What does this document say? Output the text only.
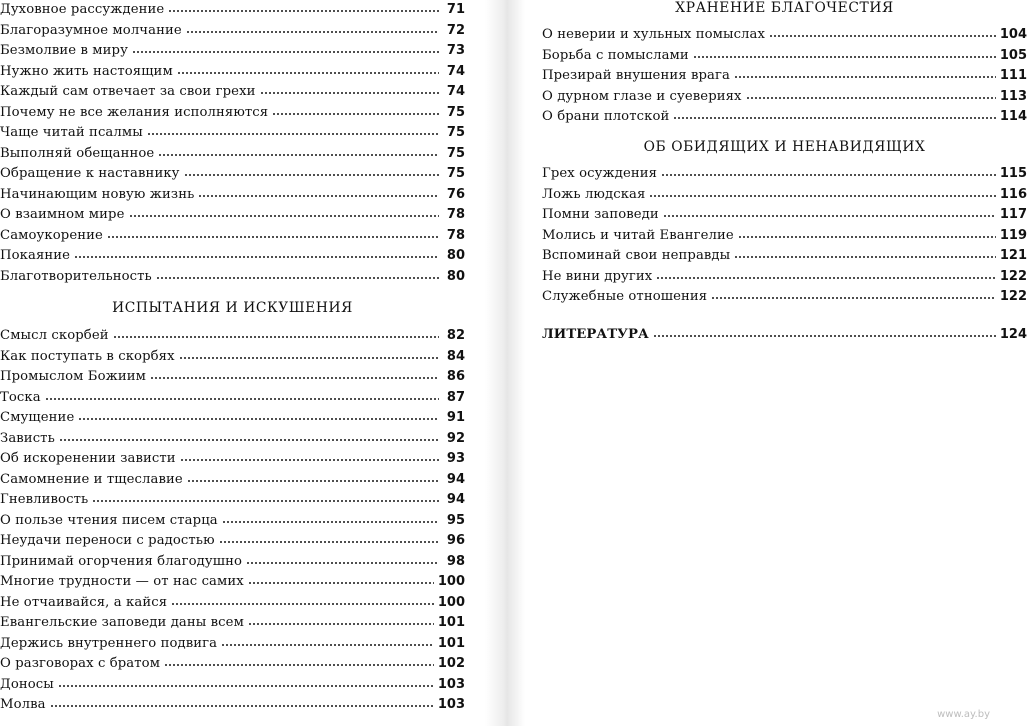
Духовное рассуждение	71
Благоразумное молчание	72
Безмолвие в миру	73
Нужно жить настоящим	74
Каждый сам отвечает за свои грехи	74
Почему не все желания исполняются	75
Чаще читай псалмы	75
Выполняй обещанное	75
Обращение к наставнику	75
Начинающим новую жизнь	76
О взаимном мире	78
Самоукорение	78
Покаяние	80
Благотворительность	80
ИСПЫТАНИЯ И ИСКУШЕНИЯ
Смысл скорбей	82
Как поступать в скорбях	84
Промыслом Божиим	86
Тоска	87
Смущение	91
Зависть	92
Об искоренении зависти	93
Самомнение и тщеславие	94
Гневливость	94
О пользе чтения писем старца	95
Неудачи переноси с радостью	96
Принимай огорчения благодушно	98
Многие трудности — от нас самих	100
Не отчаивайся, а кайся	100
Евангельские заповеди даны всем	101
Держись внутреннего подвига	101
О разговорах с братом	102
Доносы	103
Молва	103
ХРАНЕНИЕ БЛАГОЧЕСТИЯ
О неверии и хульных помыслах	104
Борьба с помыслами	105
Презирай внушения врага	111
О дурном глазе и суевериях	113
О брани плотской	114
ОБ ОБИДЯЩИХ И НЕНАВИДЯЩИХ
Грех осуждения	115
Ложь людская	116
Помни заповеди	117
Молись и читай Евангелие	119
Вспоминай свои неправды	121
Не вини других	122
Служебные отношения	122
ЛИТЕРАТУРА	124
www.ay.by
